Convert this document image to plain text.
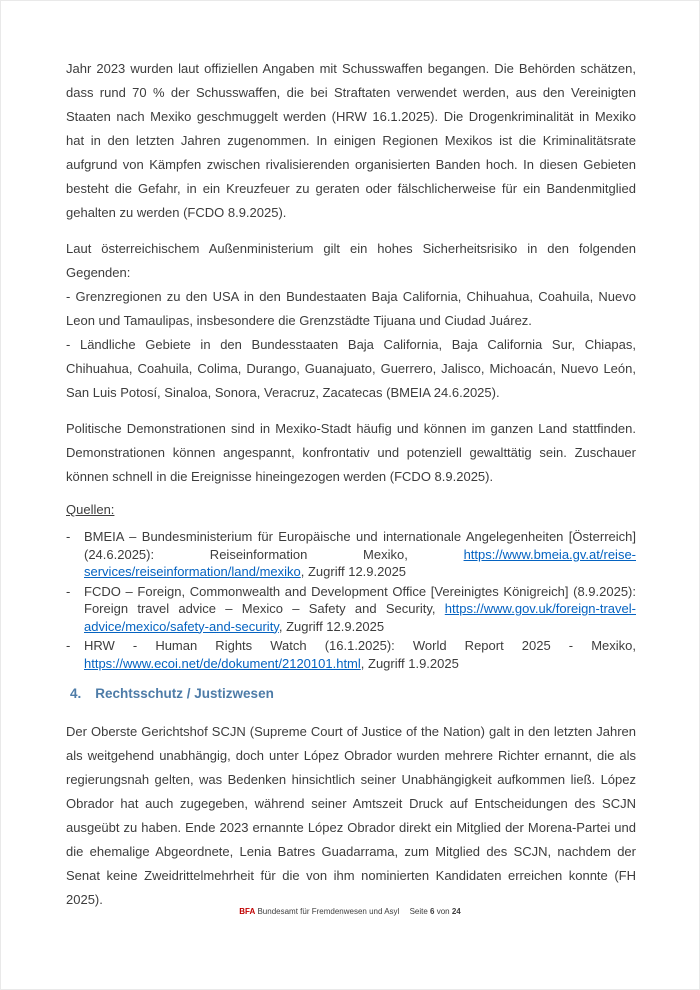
Jahr 2023 wurden laut offiziellen Angaben mit Schusswaffen begangen. Die Behörden schätzen, dass rund 70 % der Schusswaffen, die bei Straftaten verwendet werden, aus den Vereinigten Staaten nach Mexiko geschmuggelt werden (HRW 16.1.2025). Die Drogenkriminalität in Mexiko hat in den letzten Jahren zugenommen. In einigen Regionen Mexikos ist die Kriminalitätsrate aufgrund von Kämpfen zwischen rivalisierenden organisierten Banden hoch. In diesen Gebieten besteht die Gefahr, in ein Kreuzfeuer zu geraten oder fälschlicherweise für ein Bandenmitglied gehalten zu werden (FCDO 8.9.2025).

Laut österreichischem Außenministerium gilt ein hohes Sicherheitsrisiko in den folgenden Gegenden:

- Grenzregionen zu den USA in den Bundestaaten Baja California, Chihuahua, Coahuila, Nuevo Leon und Tamaulipas, insbesondere die Grenzstädte Tijuana und Ciudad Juárez.

- Ländliche Gebiete in den Bundesstaaten Baja California, Baja California Sur, Chiapas, Chihuahua, Coahuila, Colima, Durango, Guanajuato, Guerrero, Jalisco, Michoacán, Nuevo León, San Luis Potosí, Sinaloa, Sonora, Veracruz, Zacatecas (BMEIA 24.6.2025).

Politische Demonstrationen sind in Mexiko-Stadt häufig und können im ganzen Land stattfinden. Demonstrationen können angespannt, konfrontativ und potenziell gewalttätig sein. Zuschauer können schnell in die Ereignisse hineingezogen werden (FCDO 8.9.2025).

Quellen:

-	BMEIA – Bundesministerium für Europäische und internationale Angelegenheiten [Österreich] (24.6.2025): Reiseinformation Mexiko, https://www.bmeia.gv.at/reise-services/reiseinformation/land/mexiko, Zugriff 12.9.2025
-	FCDO – Foreign, Commonwealth and Development Office [Vereinigtes Königreich] (8.9.2025): Foreign travel advice – Mexico – Safety and Security, https://www.gov.uk/foreign-travel-advice/mexico/safety-and-security, Zugriff 12.9.2025
-	HRW - Human Rights Watch (16.1.2025): World Report 2025 - Mexiko, https://www.ecoi.net/de/dokument/2120101.html, Zugriff 1.9.2025
4. Rechtsschutz / Justizwesen

Der Oberste Gerichtshof SCJN (Supreme Court of Justice of the Nation) galt in den letzten Jahren als weitgehend unabhängig, doch unter López Obrador wurden mehrere Richter ernannt, die als regierungsnah gelten, was Bedenken hinsichtlich seiner Unabhängigkeit aufkommen ließ. López Obrador hat auch zugegeben, während seiner Amtszeit Druck auf Entscheidungen des SCJN ausgeübt zu haben. Ende 2023 ernannte López Obrador direkt ein Mitglied der Morena-Partei und die ehemalige Abgeordnete, Lenia Batres Guadarrama, zum Mitglied des SCJN, nachdem der Senat keine Zweidrittelmehrheit für die von ihm nominierten Kandidaten erreichen konnte (FH 2025).

BFA Bundesamt für Fremdenwesen und Asyl Seite 6 von 24
